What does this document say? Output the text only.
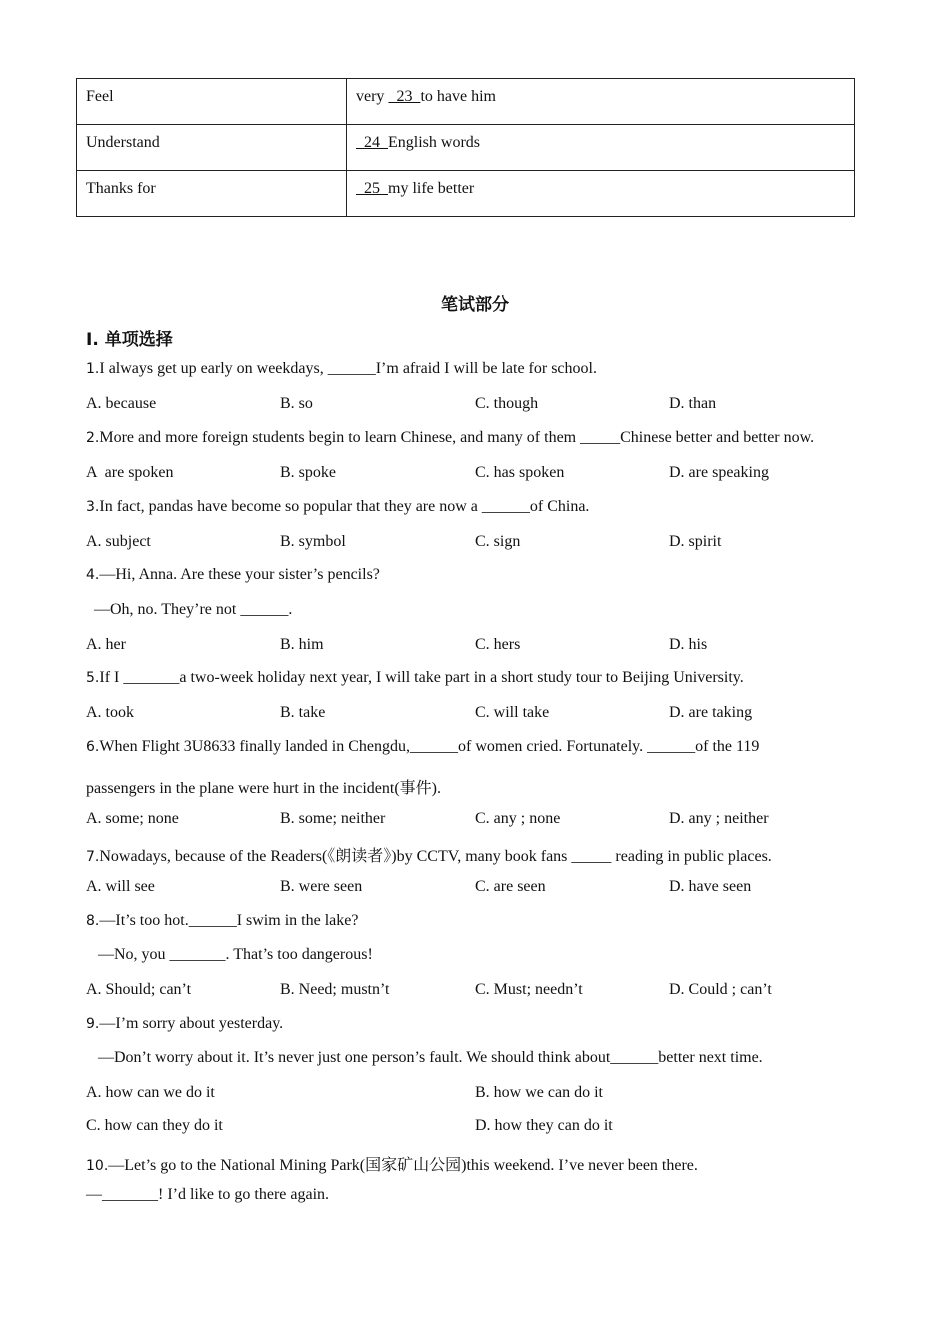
Feel	very   23  to have him
Understand	24  English words
Thanks for	25  my life better
笔试部分
I. 单项选择
1.I always get up early on weekdays, ______I’m afraid I will be late for school.
A. because	B. so	C. though	D. than
2.More and more foreign students begin to learn Chinese, and many of them _____Chinese better and better now.
A  are spoken	B. spoke	C. has spoken	D. are speaking
3.In fact, pandas have become so popular that they are now a ______of China.
A. subject	B. symbol	C. sign	D. spirit
4.—Hi, Anna. Are these your sister’s pencils?
—Oh, no. They’re not ______.
A. her	B. him	C. hers	D. his
5.If I _______a two-week holiday next year, I will take part in a short study tour to Beijing University.
A. took	B. take	C. will take	D. are taking
6.When Flight 3U8633 finally landed in Chengdu,______of women cried. Fortunately. ______of the 119
passengers in the plane were hurt in the incident(事件).
A. some; none	B. some; neither	C. any ; none	D. any ; neither
7.Nowadays, because of the Readers(《朗读者》)by CCTV, many book fans _____ reading in public places.
A. will see	B. were seen	C. are seen	D. have seen
8.—It’s too hot.______I swim in the lake?
—No, you _______. That’s too dangerous!
A. Should; can’t	B. Need; mustn’t	C. Must; needn’t	D. Could ; can’t
9.—I’m sorry about yesterday.
—Don’t worry about it. It’s never just one person’s fault. We should think about______better next time.
A. how can we do it	B. how we can do it
C. how can they do it	D. how they can do it
10.—Let’s go to the National Mining Park(国家矿山公园)this weekend. I’ve never been there.
—_______! I’d like to go there again.
